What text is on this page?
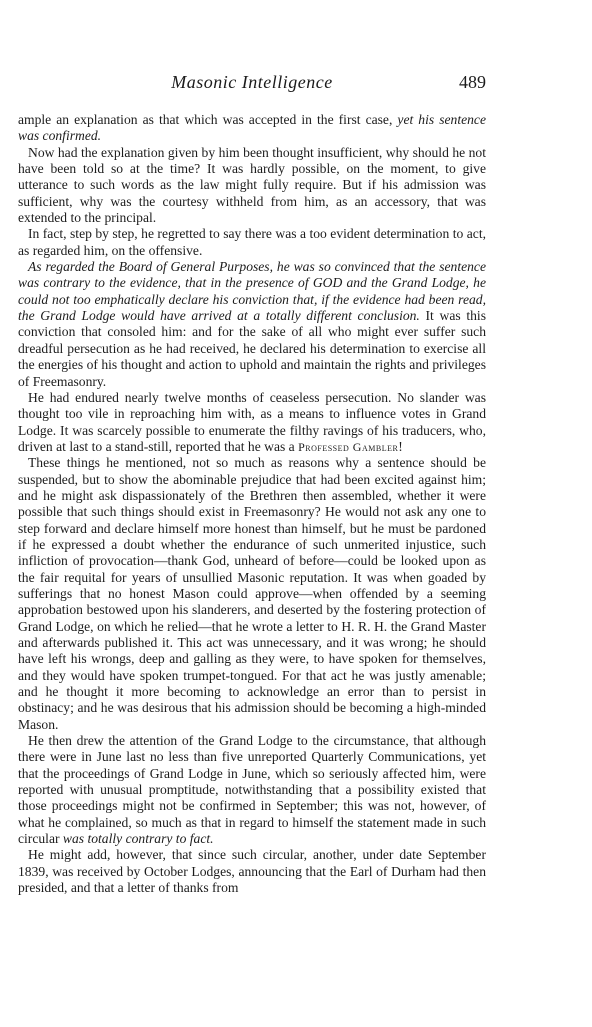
Masonic Intelligence	489

ample an explanation as that which was accepted in the first case, yet his sentence was confirmed.

Now had the explanation given by him been thought insufficient, why should he not have been told so at the time? It was hardly possible, on the moment, to give utterance to such words as the law might fully require. But if his admission was sufficient, why was the courtesy withheld from him, as an accessory, that was extended to the principal.

In fact, step by step, he regretted to say there was a too evident determination to act, as regarded him, on the offensive.

As regarded the Board of General Purposes, he was so convinced that the sentence was contrary to the evidence, that in the presence of GOD and the Grand Lodge, he could not too emphatically declare his conviction that, if the evidence had been read, the Grand Lodge would have arrived at a totally different conclusion. It was this conviction that consoled him: and for the sake of all who might ever suffer such dreadful persecution as he had received, he declared his determination to exercise all the energies of his thought and action to uphold and maintain the rights and privileges of Freemasonry.

He had endured nearly twelve months of ceaseless persecution. No slander was thought too vile in reproaching him with, as a means to influence votes in Grand Lodge. It was scarcely possible to enumerate the filthy ravings of his traducers, who, driven at last to a stand-still, reported that he was a Professed Gambler!

These things he mentioned, not so much as reasons why a sentence should be suspended, but to show the abominable prejudice that had been excited against him; and he might ask dispassionately of the Brethren then assembled, whether it were possible that such things should exist in Freemasonry? He would not ask any one to step forward and declare himself more honest than himself, but he must be pardoned if he expressed a doubt whether the endurance of such unmerited injustice, such infliction of provocation—thank God, unheard of before—could be looked upon as the fair requital for years of unsullied Masonic reputation. It was when goaded by sufferings that no honest Mason could approve—when offended by a seeming approbation bestowed upon his slanderers, and deserted by the fostering protection of Grand Lodge, on which he relied—that he wrote a letter to H. R. H. the Grand Master and afterwards published it. This act was unnecessary, and it was wrong; he should have left his wrongs, deep and galling as they were, to have spoken for themselves, and they would have spoken trumpet-tongued. For that act he was justly amenable; and he thought it more becoming to acknowledge an error than to persist in obstinacy; and he was desirous that his admission should be becoming a high-minded Mason.

He then drew the attention of the Grand Lodge to the circumstance, that although there were in June last no less than five unreported Quarterly Communications, yet that the proceedings of Grand Lodge in June, which so seriously affected him, were reported with unusual promptitude, notwithstanding that a possibility existed that those proceedings might not be confirmed in September; this was not, however, of what he complained, so much as that in regard to himself the statement made in such circular was totally contrary to fact.

He might add, however, that since such circular, another, under date September 1839, was received by October Lodges, announcing that the Earl of Durham had then presided, and that a letter of thanks from
